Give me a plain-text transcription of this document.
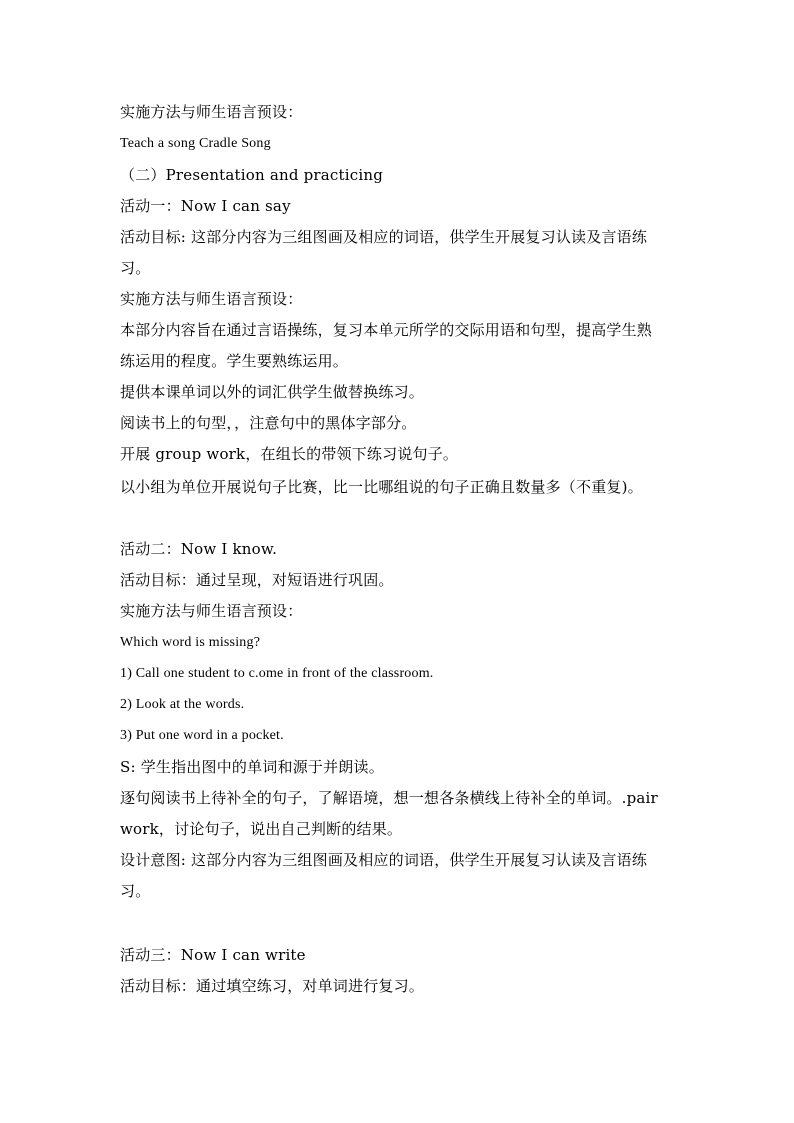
实施方法与师生语言预设：
Teach a song Cradle Song
（二）Presentation and practicing
活动一：Now I can say
活动目标: 这部分内容为三组图画及相应的词语，供学生开展复习认读及言语练
习。
实施方法与师生语言预设：
本部分内容旨在通过言语操练，复习本单元所学的交际用语和句型，提高学生熟
练运用的程度。学生要熟练运用。
提供本课单词以外的词汇供学生做替换练习。
阅读书上的句型，，注意句中的黑体字部分。
开展 group work，在组长的带领下练习说句子。
以小组为单位开展说句子比赛，比一比哪组说的句子正确且数量多（不重复)。
活动二：Now I know.
活动目标：通过呈现，对短语进行巩固。
实施方法与师生语言预设：
Which word is missing?
1) Call one student to c.ome in front of the classroom.
2) Look at the words.
3) Put one word in a pocket.
S: 学生指出图中的单词和源于并朗读。
逐句阅读书上待补全的句子，了解语境，想一想各条横线上待补全的单词。.pair
work，讨论句子，说出自己判断的结果。
设计意图: 这部分内容为三组图画及相应的词语，供学生开展复习认读及言语练
习。
活动三：Now I can write
活动目标：通过填空练习，对单词进行复习。
